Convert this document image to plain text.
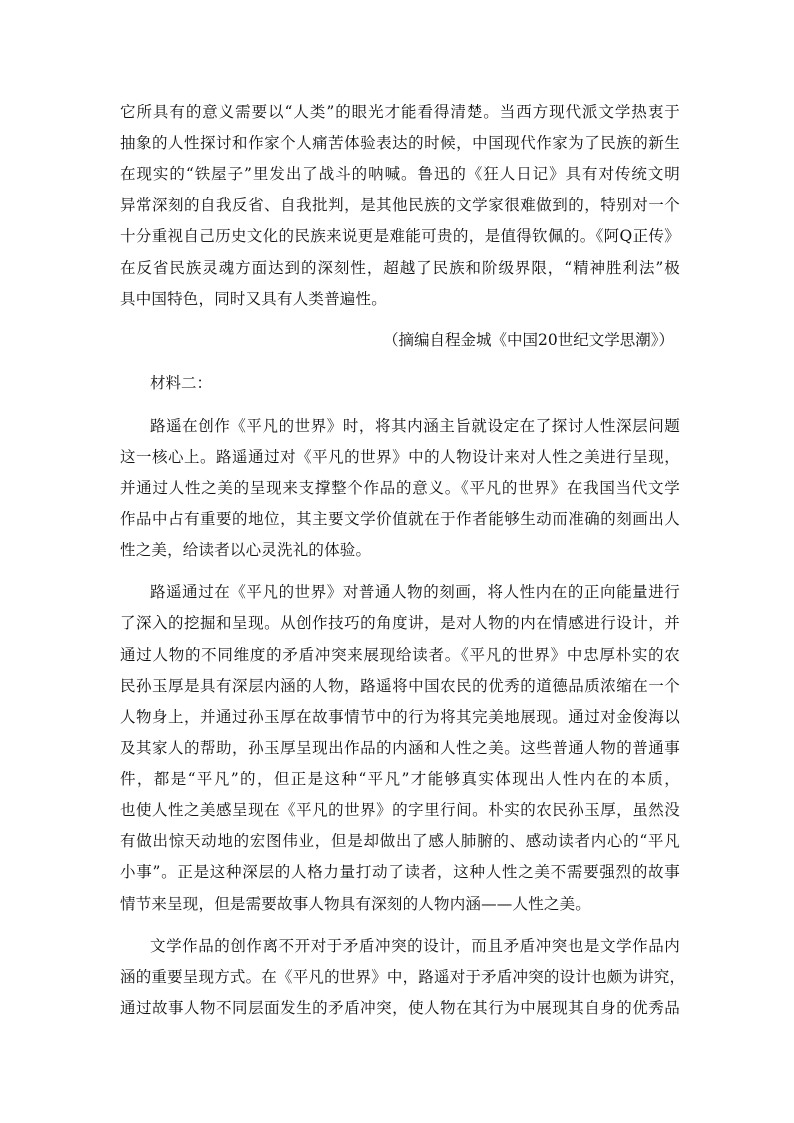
它所具有的意义需要以“人类”的眼光才能看得清楚。当西方现代派文学热衷于
抽象的人性探讨和作家个人痛苦体验表达的时候，中国现代作家为了民族的新生
在现实的“铁屋子”里发出了战斗的呐喊。鲁迅的《狂人日记》具有对传统文明
异常深刻的自我反省、自我批判，是其他民族的文学家很难做到的，特别对一个
十分重视自己历史文化的民族来说更是难能可贵的，是值得钦佩的。《阿Q正传》
在反省民族灵魂方面达到的深刻性，超越了民族和阶级界限，“精神胜利法”极
具中国特色，同时又具有人类普遍性。
（摘编自程金城《中国20世纪文学思潮》）
材料二：
路遥在创作《平凡的世界》时，将其内涵主旨就设定在了探讨人性深层问题
这一核心上。路遥通过对《平凡的世界》中的人物设计来对人性之美进行呈现，
并通过人性之美的呈现来支撑整个作品的意义。《平凡的世界》在我国当代文学
作品中占有重要的地位，其主要文学价值就在于作者能够生动而准确的刻画出人
性之美，给读者以心灵洗礼的体验。
路遥通过在《平凡的世界》对普通人物的刻画，将人性内在的正向能量进行
了深入的挖掘和呈现。从创作技巧的角度讲，是对人物的内在情感进行设计，并
通过人物的不同维度的矛盾冲突来展现给读者。《平凡的世界》中忠厚朴实的农
民孙玉厚是具有深层内涵的人物，路遥将中国农民的优秀的道德品质浓缩在一个
人物身上，并通过孙玉厚在故事情节中的行为将其完美地展现。通过对金俊海以
及其家人的帮助，孙玉厚呈现出作品的内涵和人性之美。这些普通人物的普通事
件，都是“平凡”的，但正是这种“平凡”才能够真实体现出人性内在的本质，
也使人性之美感呈现在《平凡的世界》的字里行间。朴实的农民孙玉厚，虽然没
有做出惊天动地的宏图伟业，但是却做出了感人肺腑的、感动读者内心的“平凡
小事”。正是这种深层的人格力量打动了读者，这种人性之美不需要强烈的故事
情节来呈现，但是需要故事人物具有深刻的人物内涵——人性之美。
文学作品的创作离不开对于矛盾冲突的设计，而且矛盾冲突也是文学作品内
涵的重要呈现方式。在《平凡的世界》中，路遥对于矛盾冲突的设计也颇为讲究，
通过故事人物不同层面发生的矛盾冲突，使人物在其行为中展现其自身的优秀品
